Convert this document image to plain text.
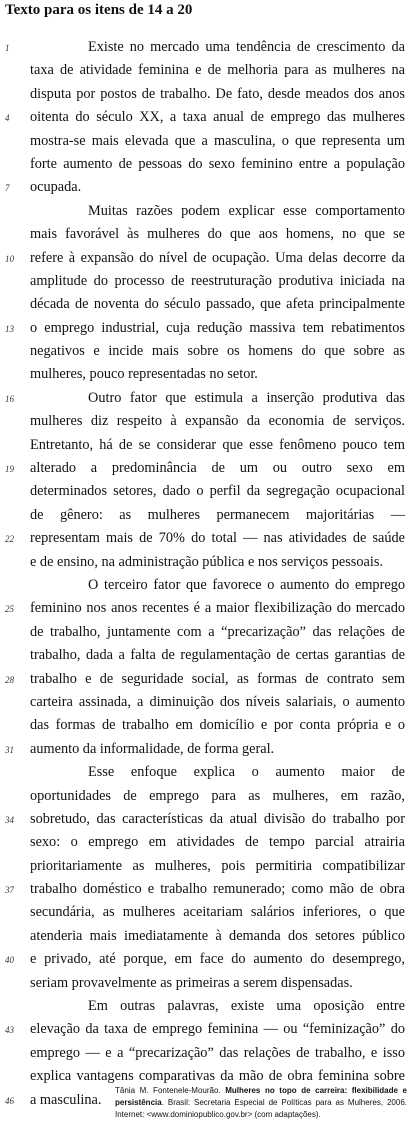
Texto para os itens de 14 a 20
1	Existe no mercado uma tendência de crescimento da
taxa de atividade feminina e de melhoria para as mulheres na
disputa por postos de trabalho. De fato, desde meados dos anos
4	oitenta do século XX, a taxa anual de emprego das mulheres
mostra-se mais elevada que a masculina, o que representa um
forte aumento de pessoas do sexo feminino entre a população
7	ocupada.
Muitas razões podem explicar esse comportamento
mais favorável às mulheres do que aos homens, no que se
10	refere à expansão do nível de ocupação. Uma delas decorre da
amplitude do processo de reestruturação produtiva iniciada na
década de noventa do século passado, que afeta principalmente
13	o emprego industrial, cuja redução massiva tem rebatimentos
negativos e incide mais sobre os homens do que sobre as
mulheres, pouco representadas no setor.
16	Outro fator que estimula a inserção produtiva das
mulheres diz respeito à expansão da economia de serviços.
Entretanto, há de se considerar que esse fenômeno pouco tem
19	alterado a predominância de um ou outro sexo em
determinados setores, dado o perfil da segregação ocupacional
de gênero: as mulheres permanecem majoritárias —
22	representam mais de 70% do total — nas atividades de saúde
e de ensino, na administração pública e nos serviços pessoais.
O terceiro fator que favorece o aumento do emprego
25	feminino nos anos recentes é a maior flexibilização do mercado
de trabalho, juntamente com a “precarização” das relações de
trabalho, dada a falta de regulamentação de certas garantias de
28	trabalho e de seguridade social, as formas de contrato sem
carteira assinada, a diminuição dos níveis salariais, o aumento
das formas de trabalho em domicílio e por conta própria e o
31	aumento da informalidade, de forma geral.
Esse enfoque explica o aumento maior de
oportunidades de emprego para as mulheres, em razão,
34	sobretudo, das características da atual divisão do trabalho por
sexo: o emprego em atividades de tempo parcial atrairia
prioritariamente as mulheres, pois permitiria compatibilizar
37	trabalho doméstico e trabalho remunerado; como mão de obra
secundária, as mulheres aceitariam salários inferiores, o que
atenderia mais imediatamente à demanda dos setores público
40	e privado, até porque, em face do aumento do desemprego,
seriam provavelmente as primeiras a serem dispensadas.
Em outras palavras, existe uma oposição entre
43	elevação da taxa de emprego feminina — ou “feminização” do
emprego — e a “precarização” das relações de trabalho, e isso
explica vantagens comparativas da mão de obra feminina sobre
46	a masculina.
Tânia M. Fontenele-Mourão. Mulheres no topo de carreira: flexibilidade e
persistência. Brasil: Secretaria Especial de Políticas para as Mulheres, 2006.
Internet: <www.dominiopublico.gov.br> (com adaptações).
